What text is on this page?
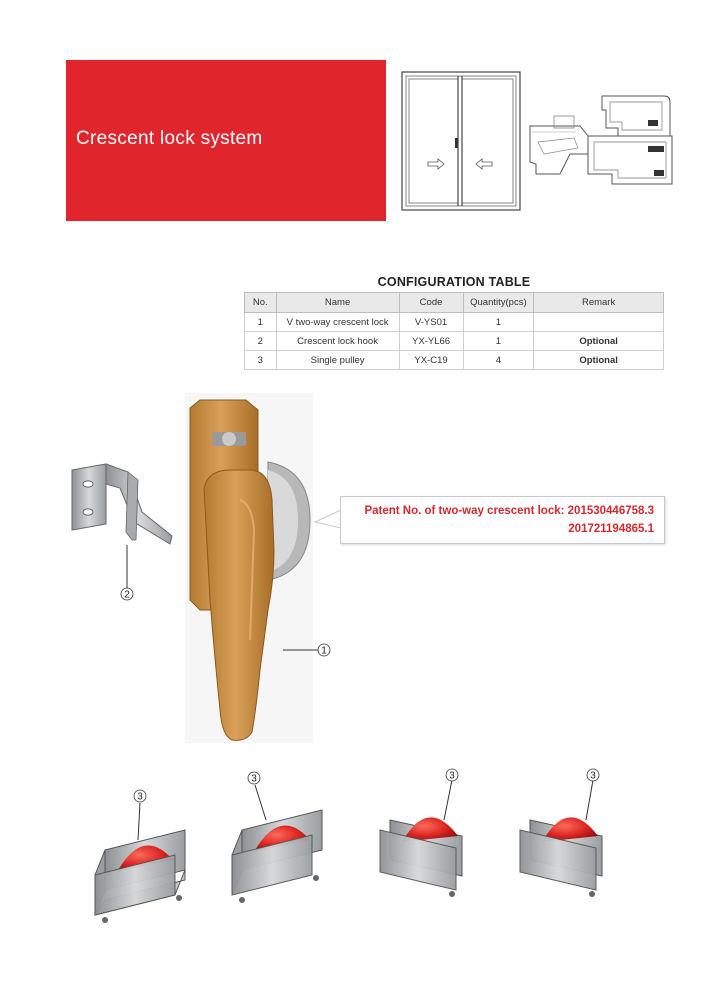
Crescent lock system
CONFIGURATION TABLE
No.	Name	Code	Quantity(pcs)	Remark
1	V two-way crescent lock	V-YS01	1	
2	Crescent lock hook	YX-YL66	1	Optional
3	Single pulley	YX-C19	4	Optional
2
1
3
3	3	3
Patent No. of two-way crescent lock: 201530446758.3
201721194865.1
